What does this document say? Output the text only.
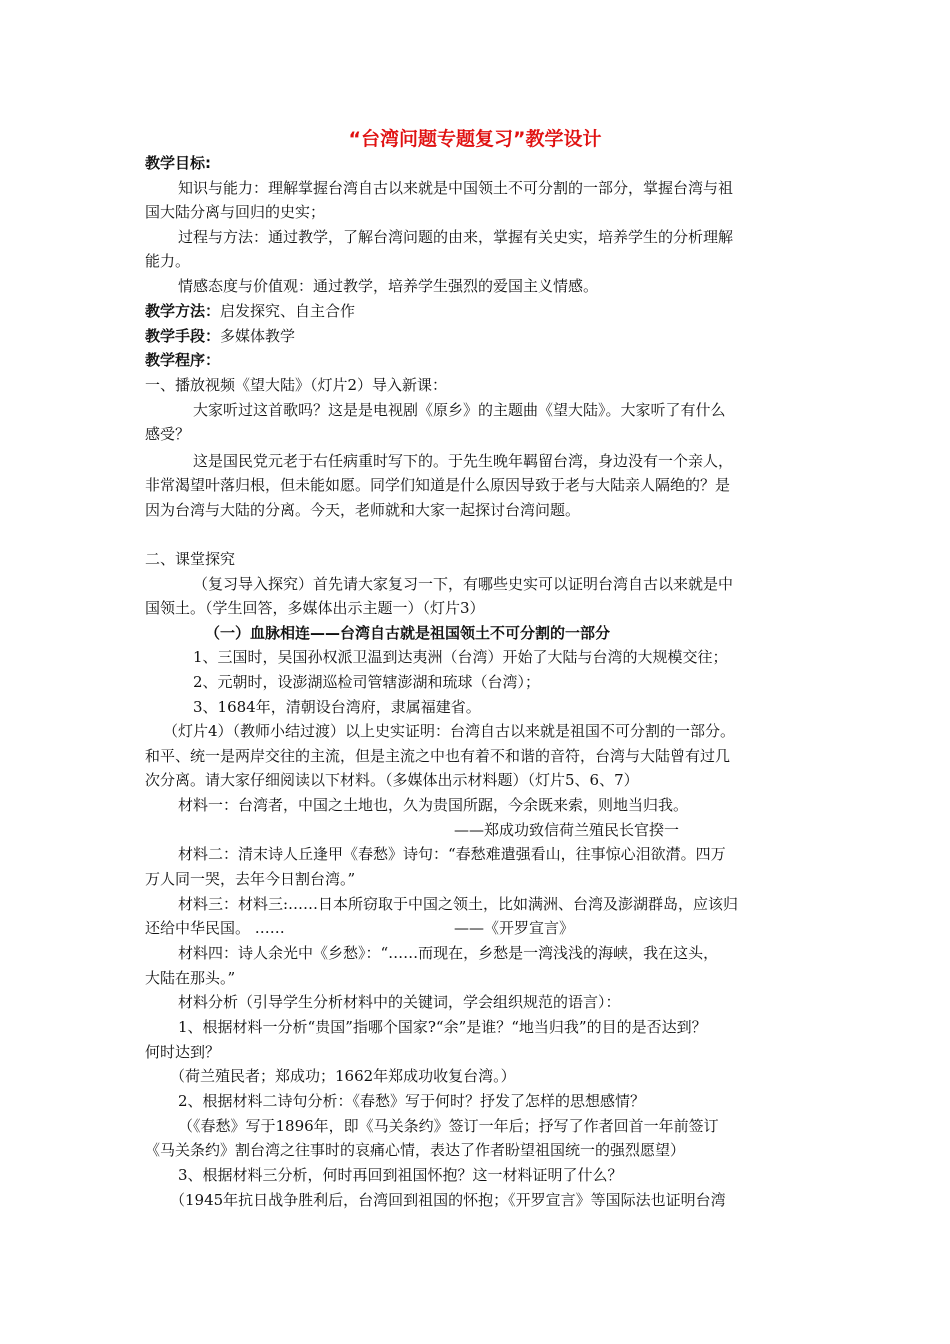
“台湾问题专题复习”教学设计
教学目标:
知识与能力：理解掌握台湾自古以来就是中国领土不可分割的一部分，掌握台湾与祖
国大陆分离与回归的史实；
过程与方法：通过教学，了解台湾问题的由来，掌握有关史实，培养学生的分析理解
能力。
情感态度与价值观：通过教学，培养学生强烈的爱国主义情感。
教学方法：启发探究、自主合作
教学手段：多媒体教学
教学程序：
一、播放视频《望大陆》（灯片2）导入新课：
大家听过这首歌吗？这是是电视剧《原乡》的主题曲《望大陆》。大家听了有什么
感受？
这是国民党元老于右任病重时写下的。于先生晚年羁留台湾，身边没有一个亲人，
非常渴望叶落归根，但未能如愿。同学们知道是什么原因导致于老与大陆亲人隔绝的？是
因为台湾与大陆的分离。今天，老师就和大家一起探讨台湾问题。
二、课堂探究
（复习导入探究）首先请大家复习一下，有哪些史实可以证明台湾自古以来就是中
国领土。（学生回答，多媒体出示主题一）（灯片3）
（一）血脉相连——台湾自古就是祖国领土不可分割的一部分
1、三国时，吴国孙权派卫温到达夷洲（台湾）开始了大陆与台湾的大规模交往；
2、元朝时，设澎湖巡检司管辖澎湖和琉球（台湾）；
3、1684年，清朝设台湾府，隶属福建省。
（灯片4）（教师小结过渡）以上史实证明：台湾自古以来就是祖国不可分割的一部分。
和平、统一是两岸交往的主流，但是主流之中也有着不和谐的音符，台湾与大陆曾有过几
次分离。请大家仔细阅读以下材料。（多媒体出示材料题）（灯片5、6、7）
材料一：台湾者，中国之土地也，久为贵国所踞，今余既来索，则地当归我。
——郑成功致信荷兰殖民长官揆一
材料二：清末诗人丘逢甲《春愁》诗句：“春愁难遣强看山，往事惊心泪欲潸。四万
万人同一哭，去年今日割台湾。”
材料三：材料三:……日本所窃取于中国之领土，比如满洲、台湾及澎湖群岛，应该归
还给中华民国。 ……	——《开罗宣言》
材料四：诗人余光中《乡愁》：“……而现在，乡愁是一湾浅浅的海峡，我在这头，
大陆在那头。”
材料分析（引导学生分析材料中的关键词，学会组织规范的语言）：
1、根据材料一分析“贵国”指哪个国家?“余”是谁？“地当归我”的目的是否达到？
何时达到？
（荷兰殖民者；郑成功；1662年郑成功收复台湾。）
2、根据材料二诗句分析：《春愁》写于何时？抒发了怎样的思想感情？
（《春愁》写于1896年，即《马关条约》签订一年后；抒写了作者回首一年前签订
《马关条约》割台湾之往事时的哀痛心情，表达了作者盼望祖国统一的强烈愿望）
3、根据材料三分析，何时再回到祖国怀抱？这一材料证明了什么？
（1945年抗日战争胜利后，台湾回到祖国的怀抱；《开罗宣言》等国际法也证明台湾
